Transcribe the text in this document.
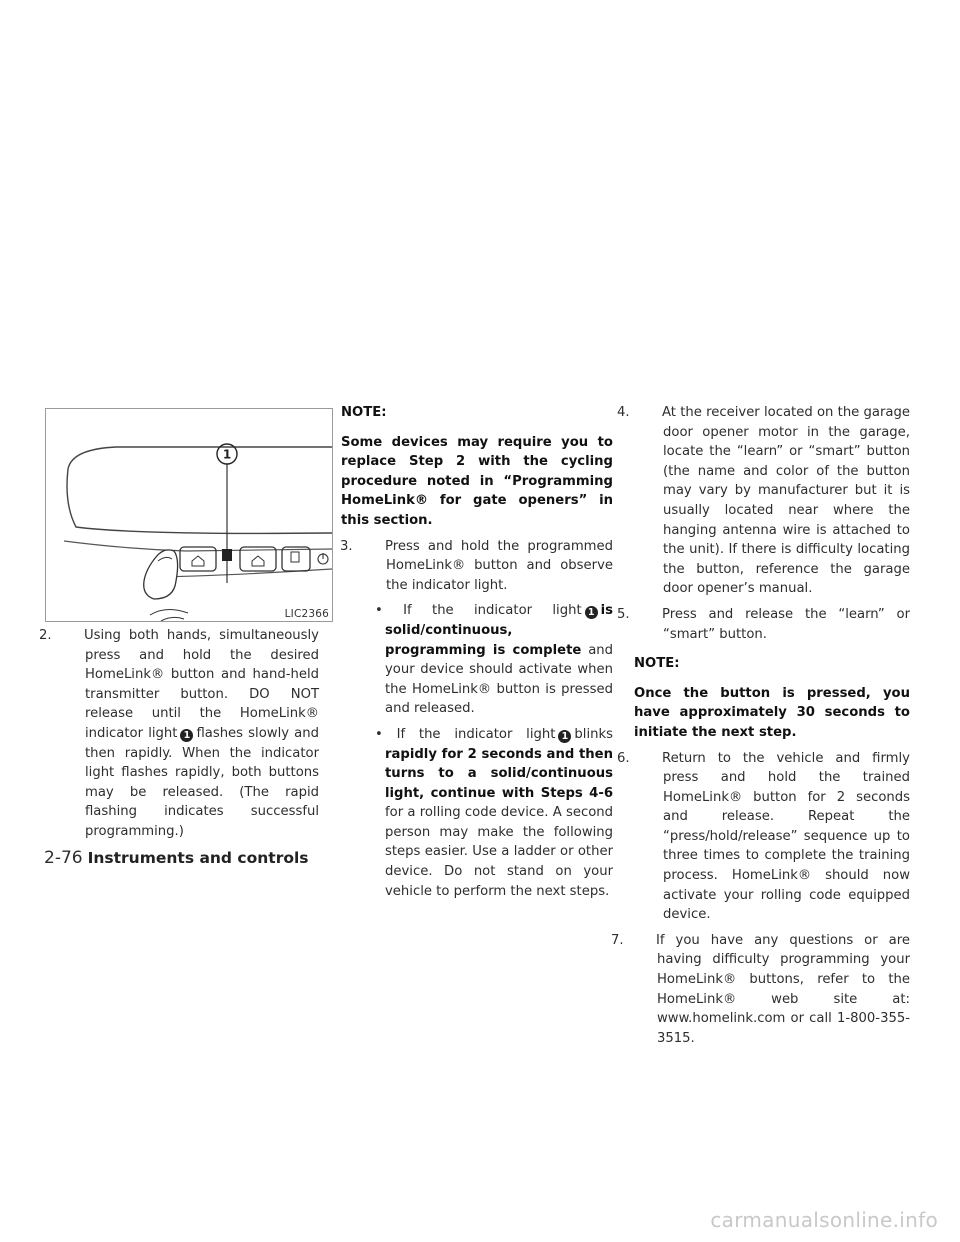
1
LIC2366

2. Using both hands, simultaneously press and hold the desired HomeLink® button and hand-held transmitter button. DO NOT release until the HomeLink® indicator light 1 flashes slowly and then rapidly. When the indicator light flashes rapidly, both buttons may be released. (The rapid flashing indicates successful programming.)

NOTE:

Some devices may require you to replace Step 2 with the cycling procedure noted in “Programming HomeLink® for gate openers” in this section.

3. Press and hold the programmed HomeLink® button and observe the indicator light.

• If the indicator light 1 is solid/continuous, programming is complete and your device should activate when the HomeLink® button is pressed and released.

• If the indicator light 1 blinks rapidly for 2 seconds and then turns to a solid/continuous light, continue with Steps 4-6 for a rolling code device. A second person may make the following steps easier. Use a ladder or other device. Do not stand on your vehicle to perform the next steps.

4. At the receiver located on the garage door opener motor in the garage, locate the “learn” or “smart” button (the name and color of the button may vary by manufacturer but it is usually located near where the hanging antenna wire is attached to the unit). If there is difficulty locating the button, reference the garage door opener’s manual.

5. Press and release the “learn” or “smart” button.

NOTE:

Once the button is pressed, you have approximately 30 seconds to initiate the next step.

6. Return to the vehicle and firmly press and hold the trained HomeLink® button for 2 seconds and release. Repeat the “press/hold/release” sequence up to three times to complete the training process. HomeLink® should now activate your rolling code equipped device.

7. If you have any questions or are having difficulty programming your HomeLink® buttons, refer to the HomeLink® web site at: www.homelink.com or call 1-800-355-3515.

2-76 Instruments and controls
carmanualsonline.info
